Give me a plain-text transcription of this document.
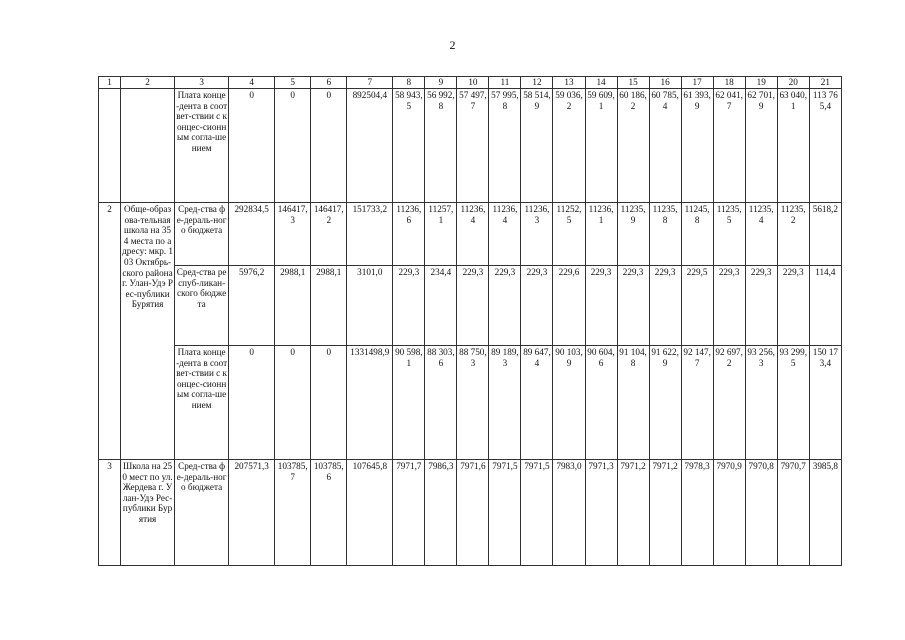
2
1	2	3	4	5	6	7	8	9	10	11	12	13	14	15	16	17	18	19	20	21
		Плата конце-дента в соответ-ствии с концес-сионным согла-шением	0	0	0	892504,4	58 943,5	56 992,8	57 497,7	57 995,8	58 514,9	59 036,2	59 609,1	60 186,2	60 785,4	61 393,9	62 041,7	62 701,9	63 040,1	113 765,4
2	Обще-образова-тельная школа на 354 места по адресу: мкр. 103 Октябрь-ского района г. Улан-Удэ Рес-публики Бурятия	Сред-ства фе-дераль-ного бюджета	292834,5	146417,3	146417,2	151733,2	11236,6	11257,1	11236,4	11236,4	11236,3	11252,5	11236,1	11235,9	11235,8	11245,8	11235,5	11235,4	11235,2	5618,2
		Сред-ства респуб-ликан-ского бюджета	5976,2	2988,1	2988,1	3101,0	229,3	234,4	229,3	229,3	229,3	229,6	229,3	229,3	229,3	229,5	229,3	229,3	229,3	114,4
		Плата конце-дента в соответ-ствии с концес-сионным согла-шением	0	0	0	1331498,9	90 598,1	88 303,6	88 750,3	89 189,3	89 647,4	90 103,9	90 604,6	91 104,8	91 622,9	92 147,7	92 697,2	93 256,3	93 299,5	150 173,4
3	Школа на 250 мест по ул. Жердева г. Улан-Удэ Рес-публики Бурятия	Сред-ства фе-дераль-ного бюджета	207571,3	103785,7	103785,6	107645,8	7971,7	7986,3	7971,6	7971,5	7971,5	7983,0	7971,3	7971,2	7971,2	7978,3	7970,9	7970,8	7970,7	3985,8
